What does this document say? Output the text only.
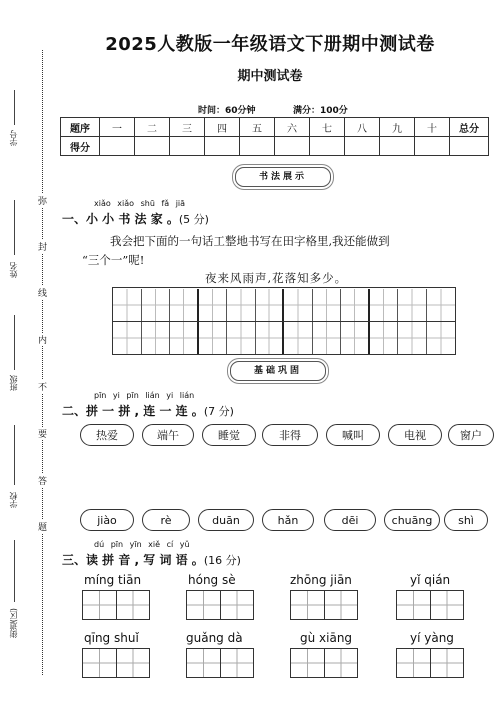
学号
姓名
班级
学校
街道(区)
弥
封
线
内
不
要
答
题
2025人教版一年级语文下册期中测试卷
期中测试卷
时间：60分钟	满分：100分
题序	一	二	三	四	五	六	七	八	九	十	总分
得分											
书法展示
xiǎo xiǎo shū fǎ jiā
一、小 小 书 法 家 。(5 分)
我会把下面的一句话工整地书写在田字格里,我还能做到
“三个一”呢!
夜来风雨声,花落知多少。
基础巩固
pīn yi pīn lián yi lián
二、拼 一 拼 , 连 一 连 。(7 分)
热爱	端午	睡觉	非得	喊叫	电视	窗户
jiào	rè	duān	hǎn	dēi	chuāng	shì
dú pīn yīn xiě cí yǔ
三、读 拼 音 , 写 词 语 。(16 分)
míng tiān	hóng sè	zhōng jiān	yǐ qián
qīng shuǐ	guǎng dà	gù xiāng	yí yàng
